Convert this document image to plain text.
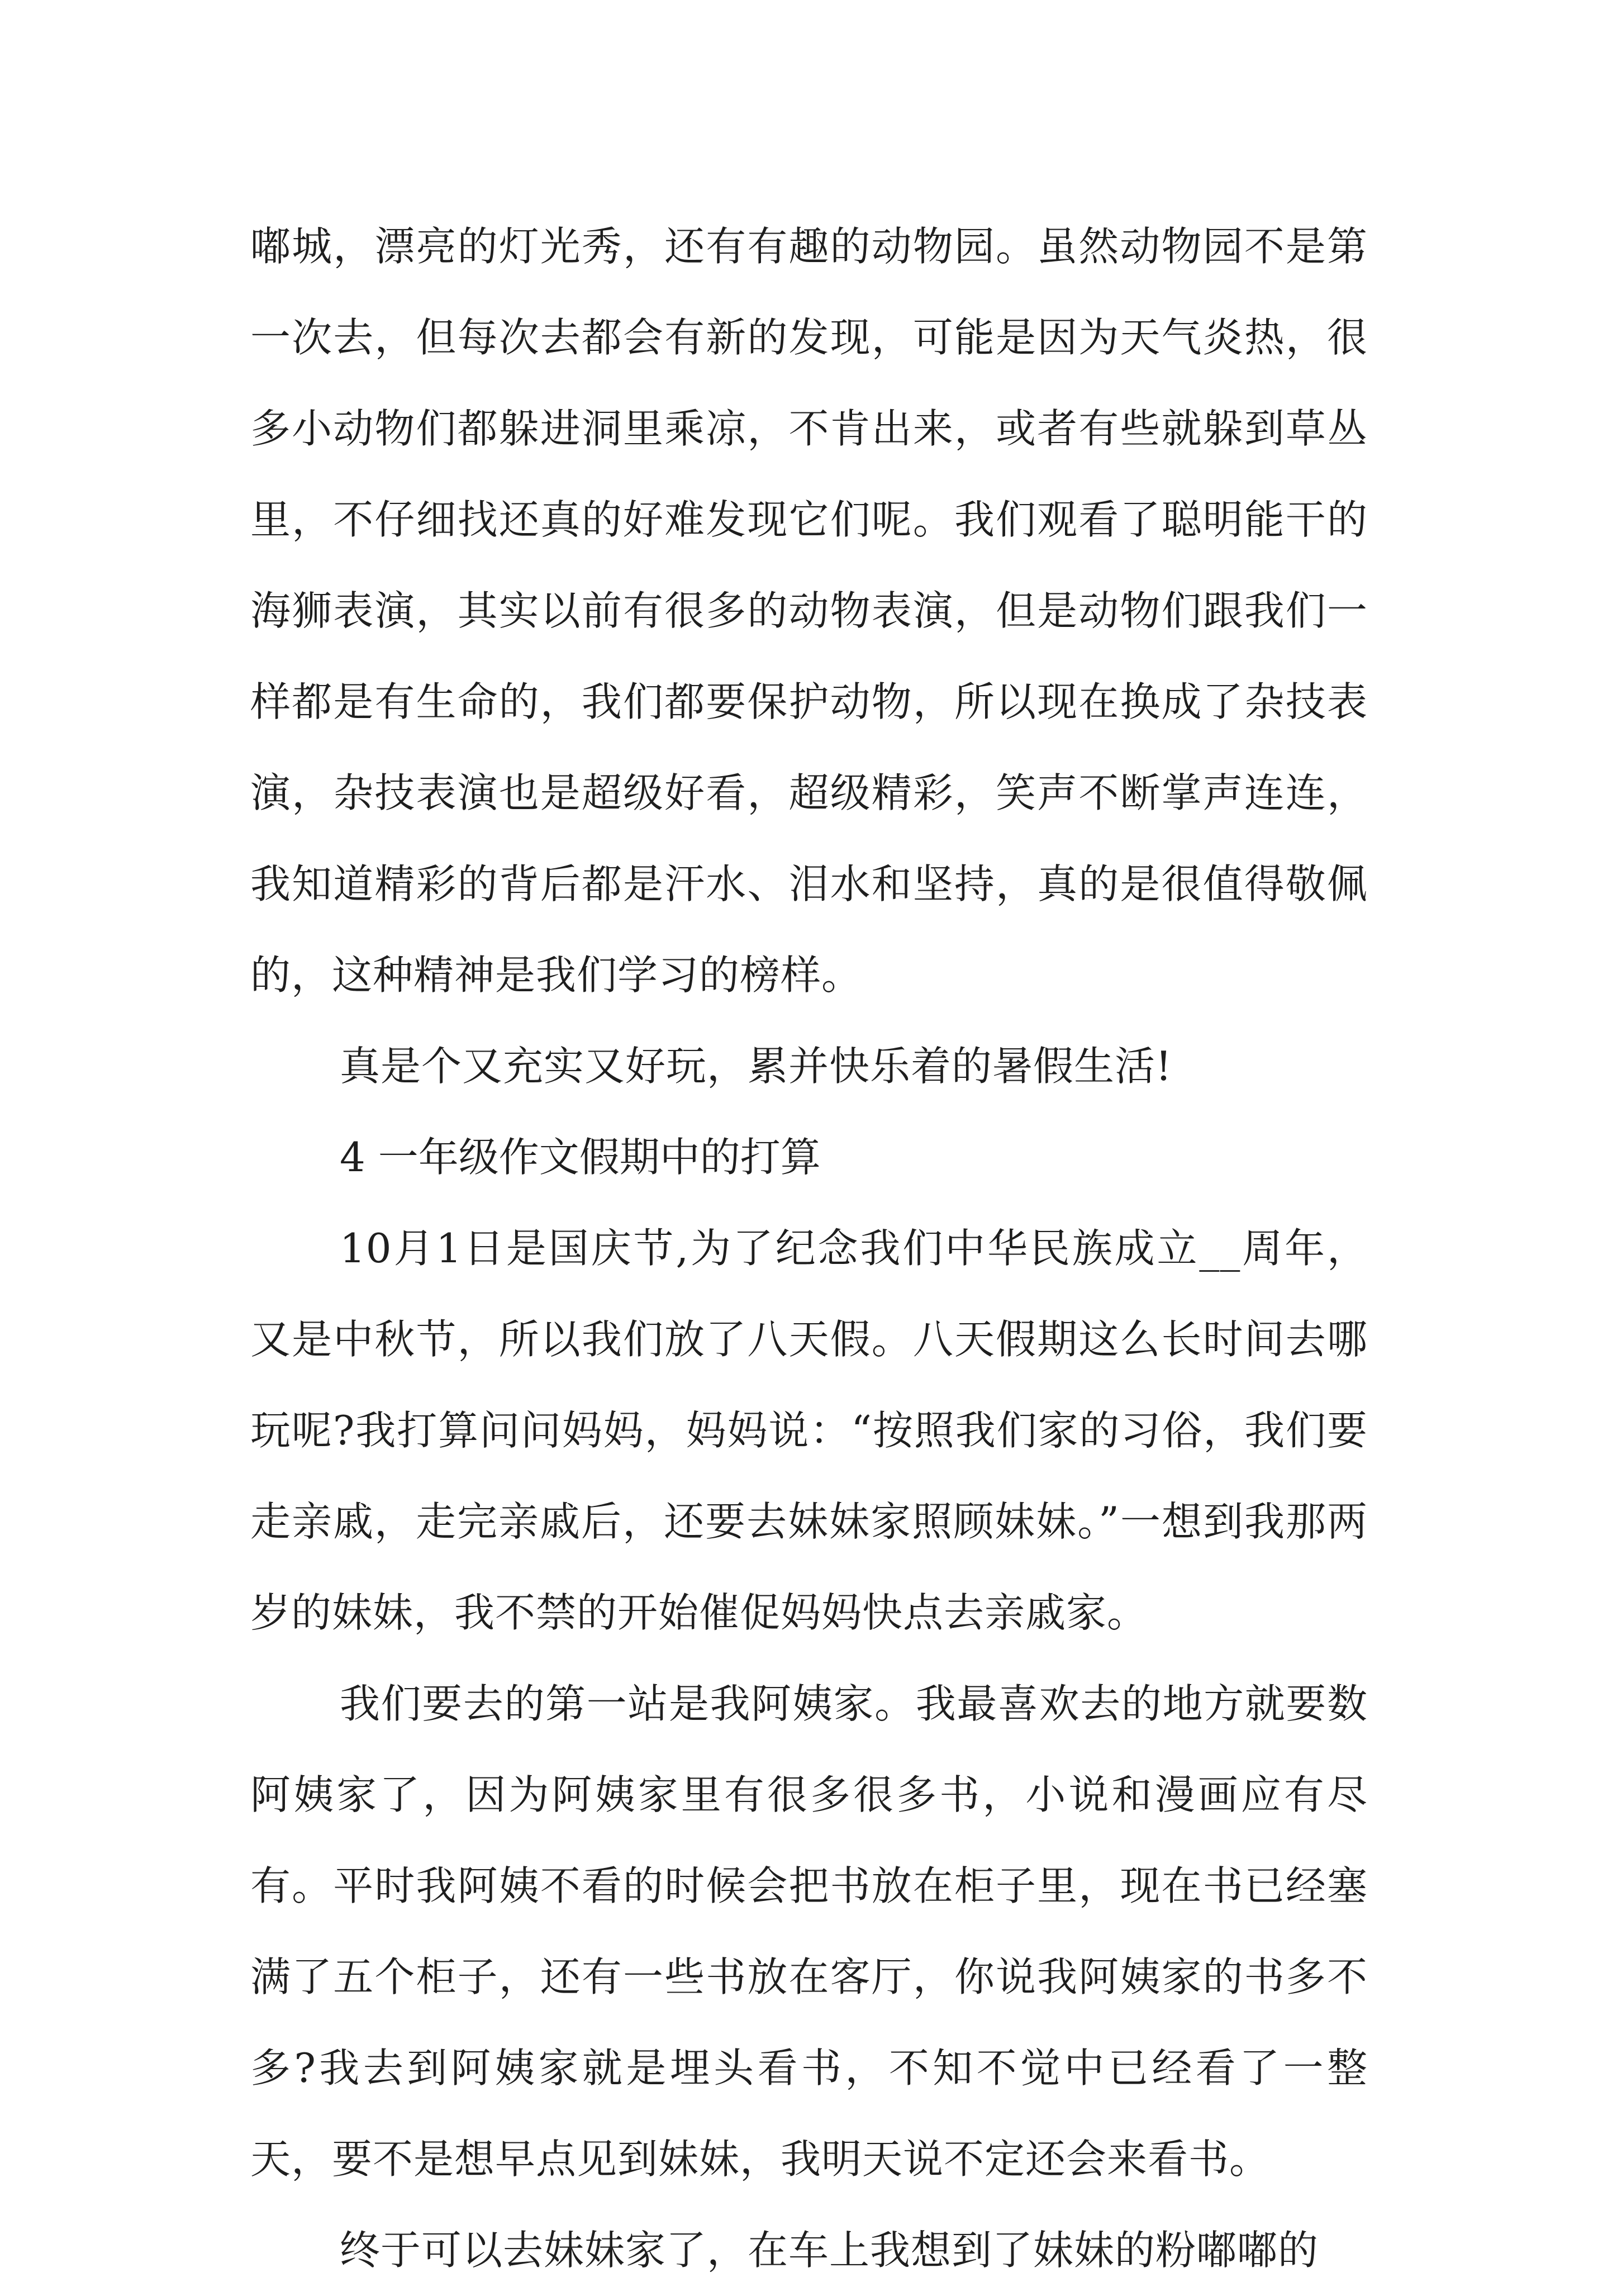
嘟城，漂亮的灯光秀，还有有趣的动物园。虽然动物园不是第一次去，但每次去都会有新的发现，可能是因为天气炎热，很多小动物们都躲进洞里乘凉，不肯出来，或者有些就躲到草丛里，不仔细找还真的好难发现它们呢。我们观看了聪明能干的海狮表演，其实以前有很多的动物表演，但是动物们跟我们一样都是有生命的，我们都要保护动物，所以现在换成了杂技表演，杂技表演也是超级好看，超级精彩，笑声不断掌声连连，我知道精彩的背后都是汗水、泪水和坚持，真的是很值得敬佩的，这种精神是我们学习的榜样。

真是个又充实又好玩，累并快乐着的暑假生活!

4 一年级作文假期中的打算

10月1日是国庆节,为了纪念我们中华民族成立__周年，又是中秋节，所以我们放了八天假。八天假期这么长时间去哪玩呢?我打算问问妈妈，妈妈说：“按照我们家的习俗，我们要走亲戚，走完亲戚后，还要去妹妹家照顾妹妹。”一想到我那两岁的妹妹，我不禁的开始催促妈妈快点去亲戚家。

我们要去的第一站是我阿姨家。我最喜欢去的地方就要数阿姨家了，因为阿姨家里有很多很多书，小说和漫画应有尽有。平时我阿姨不看的时候会把书放在柜子里，现在书已经塞满了五个柜子，还有一些书放在客厅，你说我阿姨家的书多不多?我去到阿姨家就是埋头看书，不知不觉中已经看了一整天，要不是想早点见到妹妹，我明天说不定还会来看书。

终于可以去妹妹家了，在车上我想到了妹妹的粉嘟嘟的
